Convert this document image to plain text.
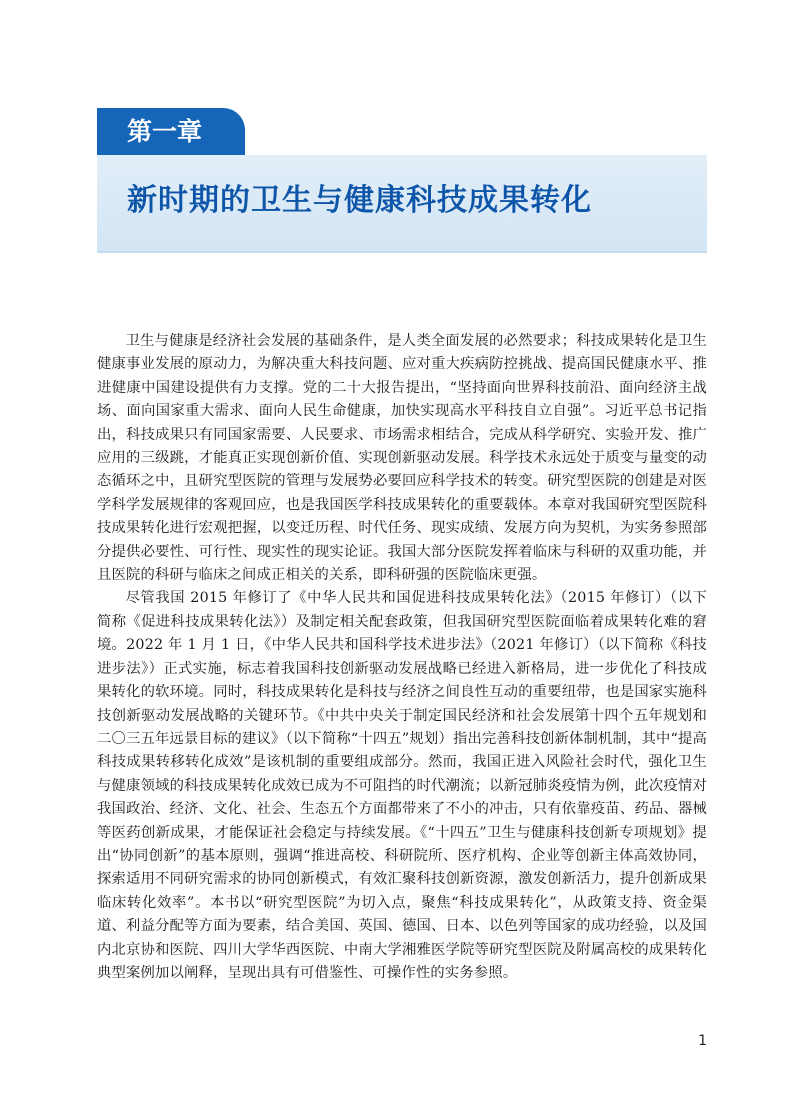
第一章
新时期的卫生与健康科技成果转化

卫生与健康是经济社会发展的基础条件，是人类全面发展的必然要求；科技成果转化是卫生健康事业发展的原动力，为解决重大科技问题、应对重大疾病防控挑战、提高国民健康水平、推进健康中国建设提供有力支撑。党的二十大报告提出，“坚持面向世界科技前沿、面向经济主战场、面向国家重大需求、面向人民生命健康，加快实现高水平科技自立自强”。习近平总书记指出，科技成果只有同国家需要、人民要求、市场需求相结合，完成从科学研究、实验开发、推广应用的三级跳，才能真正实现创新价值、实现创新驱动发展。科学技术永远处于质变与量变的动态循环之中，且研究型医院的管理与发展势必要回应科学技术的转变。研究型医院的创建是对医学科学发展规律的客观回应，也是我国医学科技成果转化的重要载体。本章对我国研究型医院科技成果转化进行宏观把握，以变迁历程、时代任务、现实成绩、发展方向为契机，为实务参照部分提供必要性、可行性、现实性的现实论证。我国大部分医院发挥着临床与科研的双重功能，并且医院的科研与临床之间成正相关的关系，即科研强的医院临床更强。

尽管我国 2015 年修订了《中华人民共和国促进科技成果转化法》（2015 年修订）（以下简称《促进科技成果转化法》）及制定相关配套政策，但我国研究型医院面临着成果转化难的窘境。2022 年 1 月 1 日，《中华人民共和国科学技术进步法》（2021 年修订）（以下简称《科技进步法》）正式实施，标志着我国科技创新驱动发展战略已经进入新格局，进一步优化了科技成果转化的软环境。同时，科技成果转化是科技与经济之间良性互动的重要纽带，也是国家实施科技创新驱动发展战略的关键环节。《中共中央关于制定国民经济和社会发展第十四个五年规划和二〇三五年远景目标的建议》（以下简称“十四五”规划）指出完善科技创新体制机制，其中“提高科技成果转移转化成效”是该机制的重要组成部分。然而，我国正进入风险社会时代，强化卫生与健康领域的科技成果转化成效已成为不可阻挡的时代潮流；以新冠肺炎疫情为例，此次疫情对我国政治、经济、文化、社会、生态五个方面都带来了不小的冲击，只有依靠疫苗、药品、器械等医药创新成果，才能保证社会稳定与持续发展。《“十四五”卫生与健康科技创新专项规划》提出“协同创新”的基本原则，强调“推进高校、科研院所、医疗机构、企业等创新主体高效协同，探索适用不同研究需求的协同创新模式，有效汇聚科技创新资源，激发创新活力，提升创新成果临床转化效率”。本书以“研究型医院”为切入点，聚焦“科技成果转化”，从政策支持、资金渠道、利益分配等方面为要素，结合美国、英国、德国、日本、以色列等国家的成功经验，以及国内北京协和医院、四川大学华西医院、中南大学湘雅医学院等研究型医院及附属高校的成果转化典型案例加以阐释，呈现出具有可借鉴性、可操作性的实务参照。

1
